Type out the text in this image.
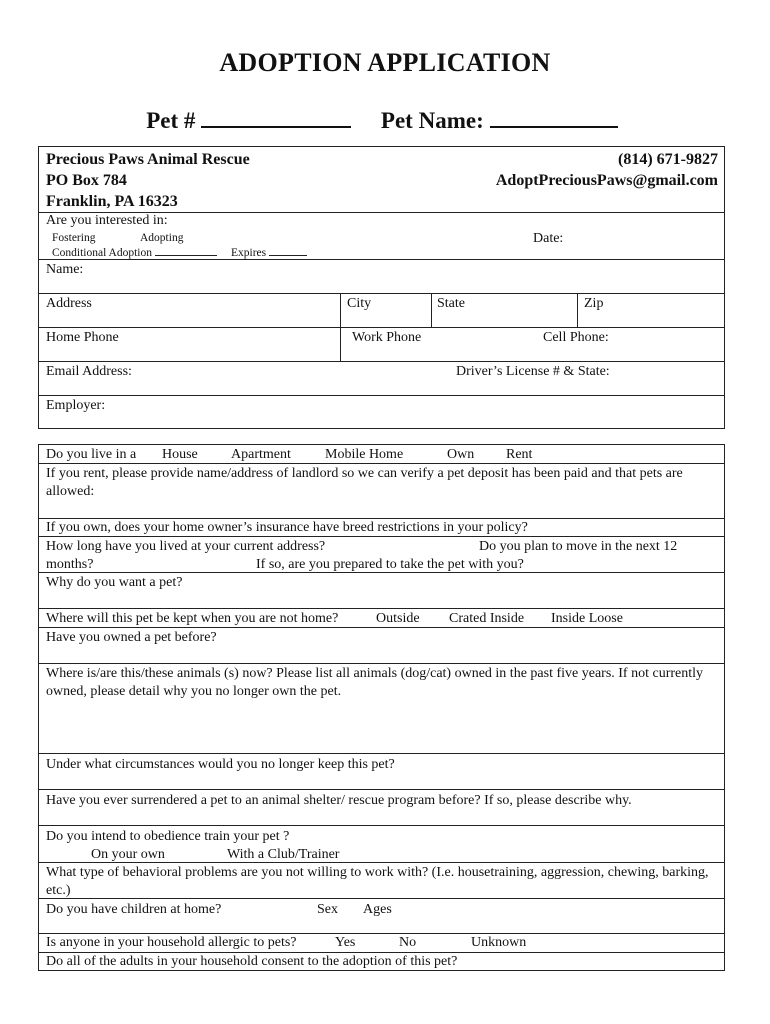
ADOPTION APPLICATION
Pet #	Pet Name:
Precious Paws Animal Rescue
PO Box 784
Franklin, PA 16323
(814) 671-9827
AdoptPreciousPaws@gmail.com
Are you interested in:
Fostering	Adopting
Conditional Adoption	Expires
Date:
Name:
Address	City	State	Zip
Home Phone	Work Phone	Cell Phone:
Email Address:	Driver’s License # & State:
Employer:
Do you live in a House Apartment Mobile Home	Own Rent
If you rent, please provide name/address of landlord so we can verify a pet deposit has been paid and that pets are allowed:
If you own, does your home owner’s insurance have breed restrictions in your policy?
How long have you lived at your current address?	Do you plan to move in the next 12
months?	If so, are you prepared to take the pet with you?
Why do you want a pet?
Where will this pet be kept when you are not home?	Outside Crated Inside Inside Loose
Have you owned a pet before?
Where is/are this/these animals (s) now? Please list all animals (dog/cat) owned in the past five years. If not currently owned, please detail why you no longer own the pet.
Under what circumstances would you no longer keep this pet?
Have you ever surrendered a pet to an animal shelter/ rescue program before? If so, please describe why.
Do you intend to obedience train your pet ?
On your own	With a Club/Trainer
What type of behavioral problems are you not willing to work with? (I.e. housetraining, aggression, chewing, barking, etc.)
Do you have children at home?	Sex Ages
Is anyone in your household allergic to pets?	Yes	No	Unknown
Do all of the adults in your household consent to the adoption of this pet?
